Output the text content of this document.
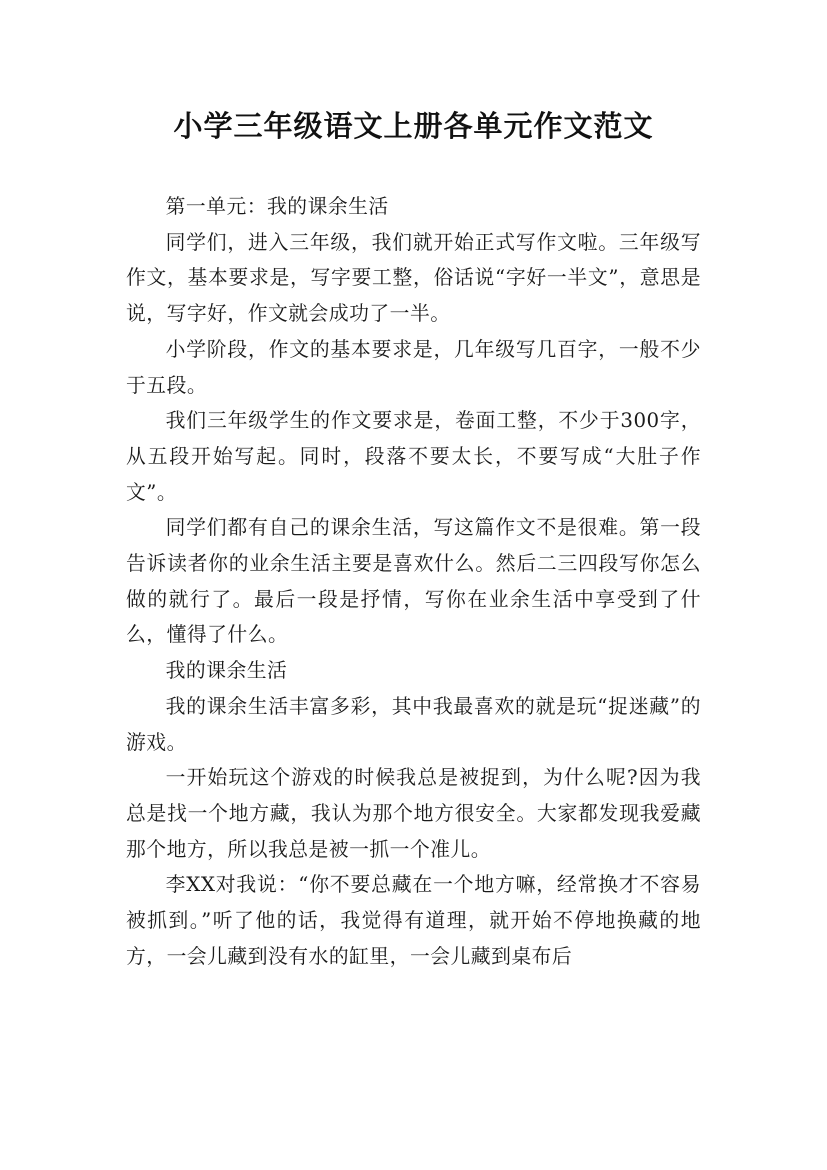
小学三年级语文上册各单元作文范文

第一单元：我的课余生活

同学们，进入三年级，我们就开始正式写作文啦。三年级写作文，基本要求是，写字要工整，俗话说“字好一半文”，意思是说，写字好，作文就会成功了一半。

小学阶段，作文的基本要求是，几年级写几百字，一般不少于五段。

我们三年级学生的作文要求是，卷面工整，不少于300字，从五段开始写起。同时，段落不要太长，不要写成“大肚子作文”。

同学们都有自己的课余生活，写这篇作文不是很难。第一段告诉读者你的业余生活主要是喜欢什么。然后二三四段写你怎么做的就行了。最后一段是抒情，写你在业余生活中享受到了什么，懂得了什么。

我的课余生活

我的课余生活丰富多彩，其中我最喜欢的就是玩“捉迷藏”的游戏。

一开始玩这个游戏的时候我总是被捉到，为什么呢?因为我总是找一个地方藏，我认为那个地方很安全。大家都发现我爱藏那个地方，所以我总是被一抓一个准儿。

李XX对我说：“你不要总藏在一个地方嘛，经常换才不容易被抓到。”听了他的话，我觉得有道理，就开始不停地换藏的地方，一会儿藏到没有水的缸里，一会儿藏到桌布后
